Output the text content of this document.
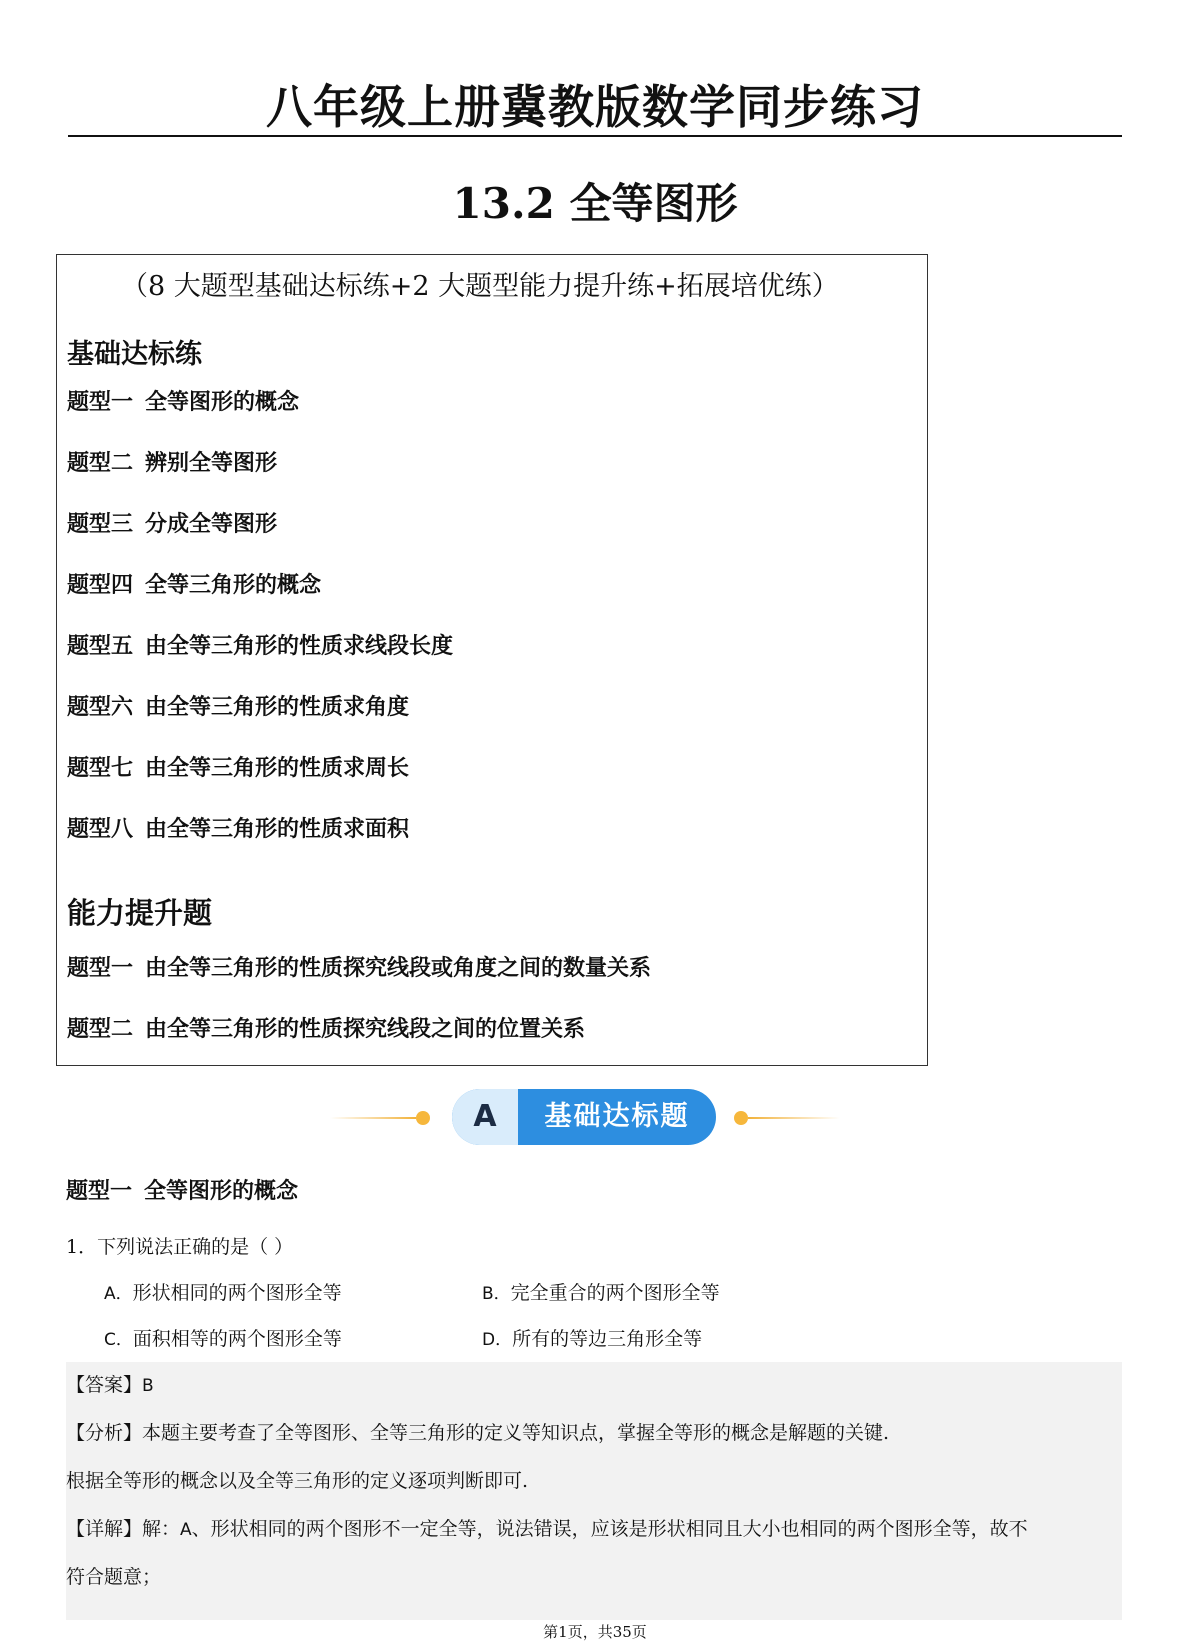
八年级上册冀教版数学同步练习
13.2 全等图形
（8 大题型基础达标练+2 大题型能力提升练+拓展培优练）
基础达标练
题型一 全等图形的概念
题型二 辨别全等图形
题型三 分成全等图形
题型四 全等三角形的概念
题型五 由全等三角形的性质求线段长度
题型六 由全等三角形的性质求角度
题型七 由全等三角形的性质求周长
题型八 由全等三角形的性质求面积
能力提升题
题型一 由全等三角形的性质探究线段或角度之间的数量关系
题型二 由全等三角形的性质探究线段之间的位置关系
A	基础达标题
题型一 全等图形的概念
1．下列说法正确的是（ ）
A．形状相同的两个图形全等	B．完全重合的两个图形全等
C．面积相等的两个图形全等	D．所有的等边三角形全等
【答案】B
【分析】本题主要考查了全等图形、全等三角形的定义等知识点，掌握全等形的概念是解题的关键.
根据全等形的概念以及全等三角形的定义逐项判断即可.
【详解】解：A、形状相同的两个图形不一定全等，说法错误，应该是形状相同且大小也相同的两个图形全等，故不
符合题意；
第1页，共35页
